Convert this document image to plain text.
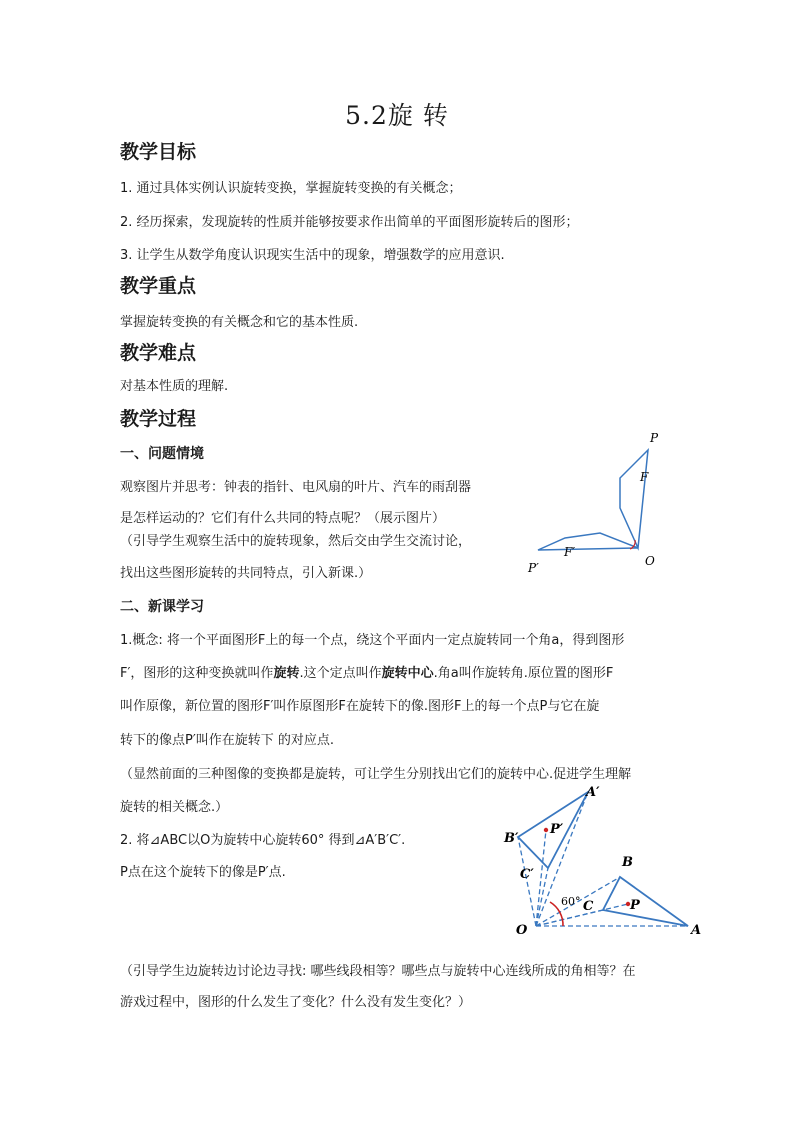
5.2旋 转
教学目标
1. 通过具体实例认识旋转变换，掌握旋转变换的有关概念；
2. 经历探索，发现旋转的性质并能够按要求作出简单的平面图形旋转后的图形；
3. 让学生从数学角度认识现实生活中的现象，增强数学的应用意识.
教学重点
掌握旋转变换的有关概念和它的基本性质.
教学难点
对基本性质的理解.
教学过程
一、问题情境
观察图片并思考：钟表的指针、电风扇的叶片、汽车的雨刮器
是怎样运动的？它们有什么共同的特点呢？（展示图片）
（引导学生观察生活中的旋转现象，然后交由学生交流讨论，
找出这些图形旋转的共同特点，引入新课.）
二、新课学习
1.概念: 将一个平面图形F上的每一个点，绕这个平面内一定点旋转同一个角a，得到图形
F′，图形的这种变换就叫作旋转.这个定点叫作旋转中心.角a叫作旋转角.原位置的图形F
叫作原像，新位置的图形F′叫作原图形F在旋转下的像.图形F上的每一个点P与它在旋
转下的像点P′叫作在旋转下 的对应点.
（显然前面的三种图像的变换都是旋转，可让学生分别找出它们的旋转中心.促进学生理解
旋转的相关概念.）
2. 将⊿ABC以O为旋转中心旋转60° 得到⊿A′B′C′.
P点在这个旋转下的像是P′点.
（引导学生边旋转边讨论边寻找: 哪些线段相等？哪些点与旋转中心连线所成的角相等？在
游戏过程中，图形的什么发生了变化？什么没有发生变化？）
P
F
F′
P′	O
A′
B′
P′
C′
B
C	P
60°
O	A
